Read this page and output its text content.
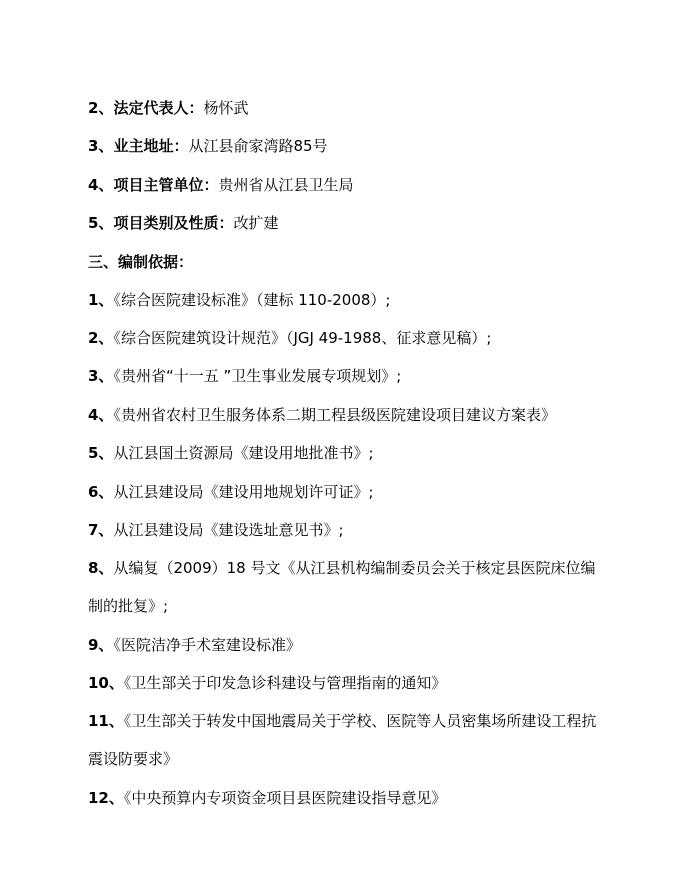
2、法定代表人：杨怀武
3、业主地址：从江县俞家湾路85号
4、项目主管单位：贵州省从江县卫生局
5、项目类别及性质：改扩建
三、编制依据：
1、《综合医院建设标准》（建标 110-2008）;
2、《综合医院建筑设计规范》（JGJ 49-1988、征求意见稿）;
3、《贵州省“十一五 ”卫生事业发展专项规划》;
4、《贵州省农村卫生服务体系二期工程县级医院建设项目建议方案表》
5、从江县国土资源局《建设用地批准书》;
6、从江县建设局《建设用地规划许可证》;
7、从江县建设局《建设选址意见书》;
8、从编复（2009）18 号文《从江县机构编制委员会关于核定县医院床位编
制的批复》;
9、《医院洁净手术室建设标准》
10、《卫生部关于印发急诊科建设与管理指南的通知》
11、《卫生部关于转发中国地震局关于学校、医院等人员密集场所建设工程抗
震设防要求》
12、《中央预算内专项资金项目县医院建设指导意见》
